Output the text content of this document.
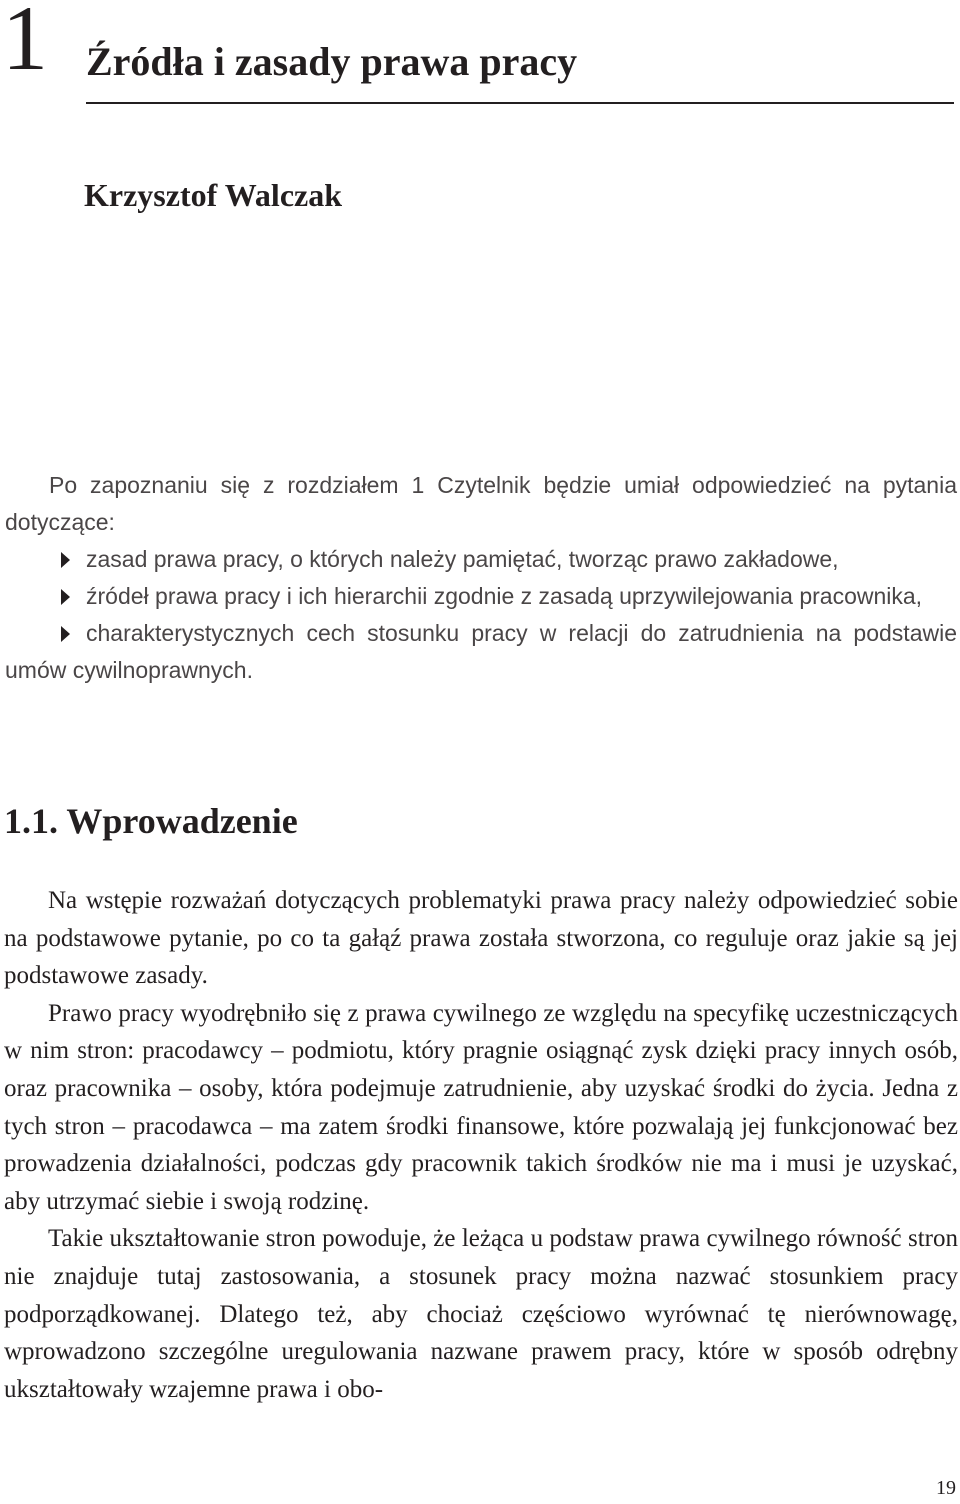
1 Źródła i zasady prawa pracy
Krzysztof Walczak

Po zapoznaniu się z rozdziałem 1 Czytelnik będzie umiał odpowiedzieć na pytania dotyczące:

zasad prawa pracy, o których należy pamiętać, tworząc prawo zakładowe,
źródeł prawa pracy i ich hierarchii zgodnie z zasadą uprzywilejowania pracownika,
charakterystycznych cech stosunku pracy w relacji do zatrudnienia na podstawie umów cywilnoprawnych.
1.1. Wprowadzenie

Na wstępie rozważań dotyczących problematyki prawa pracy należy odpowiedzieć sobie na podstawowe pytanie, po co ta gałąź prawa została stworzona, co reguluje oraz jakie są jej podstawowe zasady.

Prawo pracy wyodrębniło się z prawa cywilnego ze względu na specyfikę uczestniczących w nim stron: pracodawcy – podmiotu, który pragnie osiągnąć zysk dzięki pracy innych osób, oraz pracownika – osoby, która podejmuje zatrudnienie, aby uzyskać środki do życia. Jedna z tych stron – pracodawca – ma zatem środki finansowe, które pozwalają jej funkcjonować bez prowadzenia działalności, podczas gdy pracownik takich środków nie ma i musi je uzyskać, aby utrzymać siebie i swoją rodzinę.

Takie ukształtowanie stron powoduje, że leżąca u podstaw prawa cywilnego równość stron nie znajduje tutaj zastosowania, a stosunek pracy można nazwać stosunkiem pracy podporządkowanej. Dlatego też, aby chociaż częściowo wyrównać tę nierównowagę, wprowadzono szczególne uregulowania nazwane prawem pracy, które w sposób odrębny ukształtowały wzajemne prawa i obo-

19
